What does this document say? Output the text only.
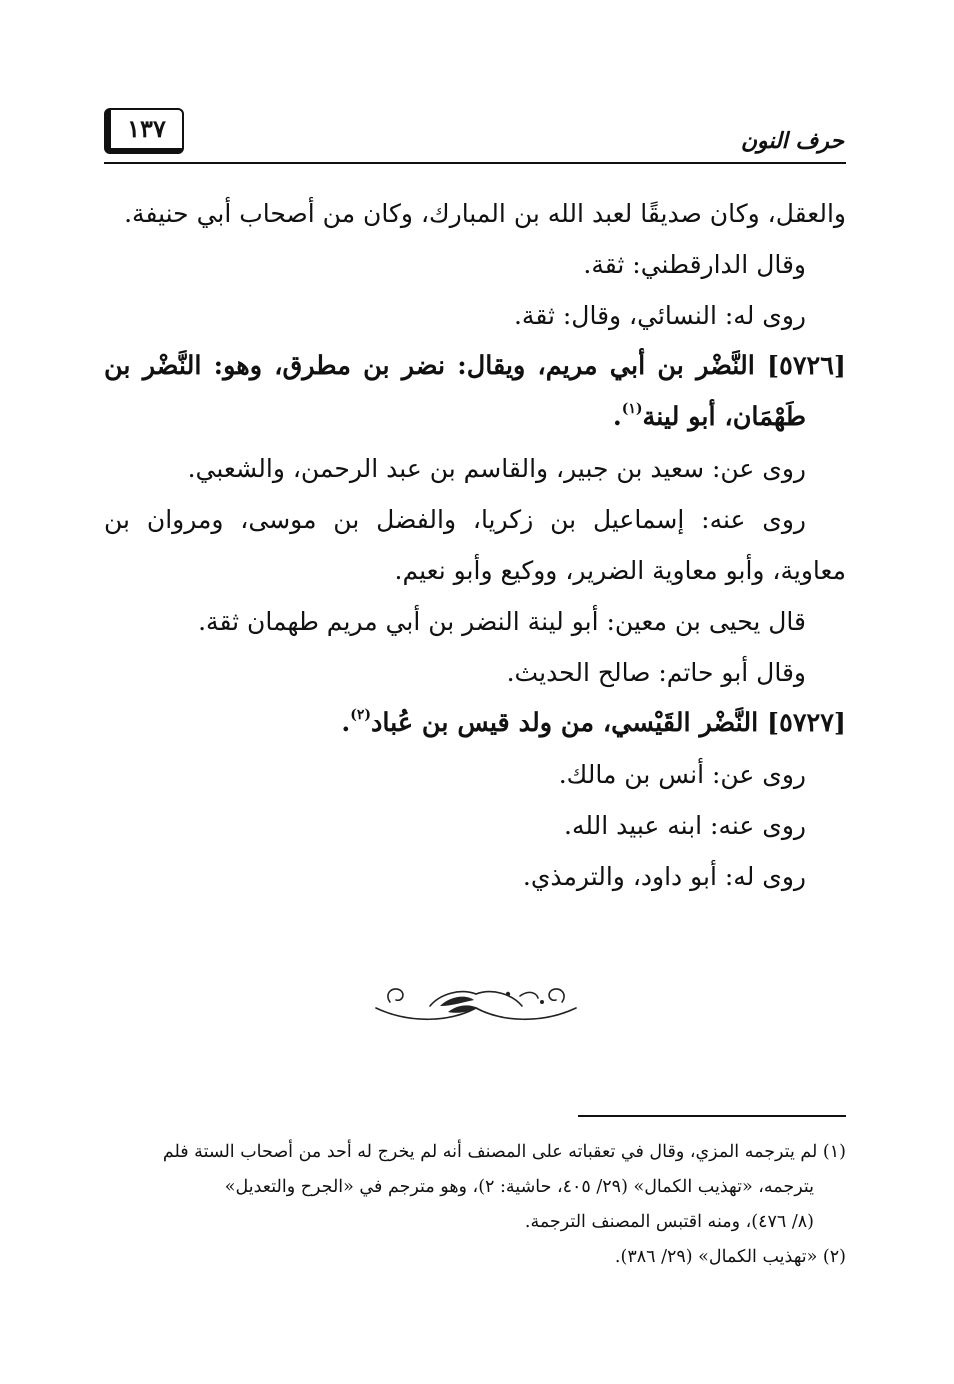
حرف النون
١٣٧
والعقل، وكان صديقًا لعبد الله بن المبارك، وكان من أصحاب أبي حنيفة.
وقال الدارقطني: ثقة.
روى له: النسائي، وقال: ثقة.
[٥٧٢٦] النَّضْر بن أبي مريم، ويقال: نضر بن مطرق، وهو: النَّضْر بن
طَهْمَان، أبو لينة$^{(١)}$.
روى عن: سعيد بن جبير، والقاسم بن عبد الرحمن، والشعبي.
روى عنه: إسماعيل بن زكريا، والفضل بن موسى، ومروان بن
معاوية، وأبو معاوية الضرير، ووكيع وأبو نعيم.
قال يحيى بن معين: أبو لينة النضر بن أبي مريم طهمان ثقة.
وقال أبو حاتم: صالح الحديث.
[٥٧٢٧] النَّضْر القَيْسي، من ولد قيس بن عُباد$^{(٢)}$.
روى عن: أنس بن مالك.
روى عنه: ابنه عبيد الله.
روى له: أبو داود، والترمذي.
(١) لم يترجمه المزي، وقال في تعقباته على المصنف أنه لم يخرج له أحد من أصحاب الستة فلم
يترجمه، «تهذيب الكمال» (٢٩/ ٤٠٥، حاشية: ٢)، وهو مترجم في «الجرح والتعديل»
(٨/ ٤٧٦)، ومنه اقتبس المصنف الترجمة.
(٢) «تهذيب الكمال» (٢٩/ ٣٨٦).
